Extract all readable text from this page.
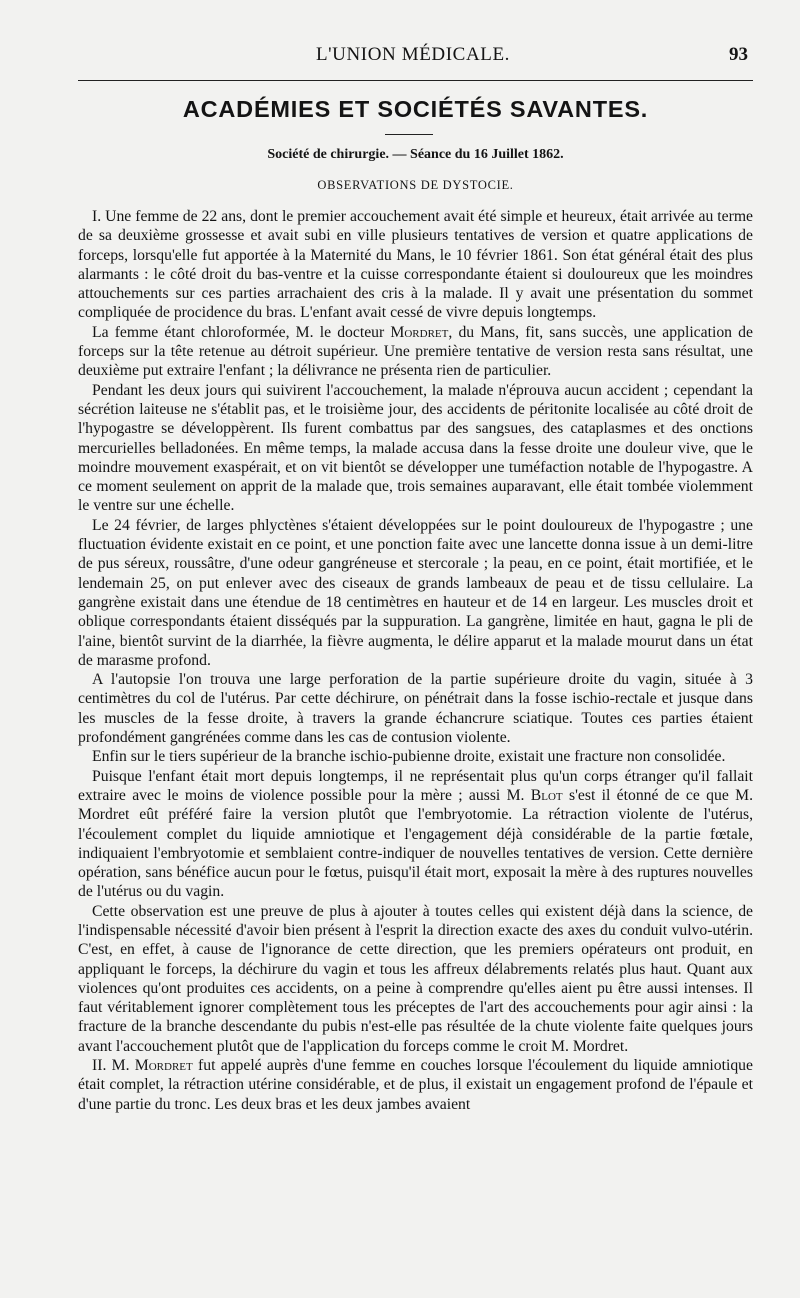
L'UNION MÉDICALE.	93
ACADÉMIES ET SOCIÉTÉS SAVANTES.
Société de chirurgie. — Séance du 16 Juillet 1862.
OBSERVATIONS DE DYSTOCIE.

I. Une femme de 22 ans, dont le premier accouchement avait été simple et heureux, était arrivée au terme de sa deuxième grossesse et avait subi en ville plusieurs tentatives de version et quatre applications de forceps, lorsqu'elle fut apportée à la Maternité du Mans, le 10 février 1861. Son état général était des plus alarmants : le côté droit du bas-ventre et la cuisse correspondante étaient si douloureux que les moindres attouchements sur ces parties arrachaient des cris à la malade. Il y avait une présentation du sommet compliquée de procidence du bras. L'enfant avait cessé de vivre depuis longtemps.

La femme étant chloroformée, M. le docteur Mordret, du Mans, fit, sans succès, une application de forceps sur la tête retenue au détroit supérieur. Une première tentative de version resta sans résultat, une deuxième put extraire l'enfant ; la délivrance ne présenta rien de particulier.

Pendant les deux jours qui suivirent l'accouchement, la malade n'éprouva aucun accident ; cependant la sécrétion laiteuse ne s'établit pas, et le troisième jour, des accidents de péritonite localisée au côté droit de l'hypogastre se développèrent. Ils furent combattus par des sangsues, des cataplasmes et des onctions mercurielles belladonées. En même temps, la malade accusa dans la fesse droite une douleur vive, que le moindre mouvement exaspérait, et on vit bientôt se développer une tuméfaction notable de l'hypogastre. A ce moment seulement on apprit de la malade que, trois semaines auparavant, elle était tombée violemment le ventre sur une échelle.

Le 24 février, de larges phlyctènes s'étaient développées sur le point douloureux de l'hypogastre ; une fluctuation évidente existait en ce point, et une ponction faite avec une lancette donna issue à un demi-litre de pus séreux, roussâtre, d'une odeur gangréneuse et stercorale ; la peau, en ce point, était mortifiée, et le lendemain 25, on put enlever avec des ciseaux de grands lambeaux de peau et de tissu cellulaire. La gangrène existait dans une étendue de 18 centimètres en hauteur et de 14 en largeur. Les muscles droit et oblique correspondants étaient disséqués par la suppuration. La gangrène, limitée en haut, gagna le pli de l'aine, bientôt survint de la diarrhée, la fièvre augmenta, le délire apparut et la malade mourut dans un état de marasme profond.

A l'autopsie l'on trouva une large perforation de la partie supérieure droite du vagin, située à 3 centimètres du col de l'utérus. Par cette déchirure, on pénétrait dans la fosse ischio-rectale et jusque dans les muscles de la fesse droite, à travers la grande échancrure sciatique. Toutes ces parties étaient profondément gangrénées comme dans les cas de contusion violente.

Enfin sur le tiers supérieur de la branche ischio-pubienne droite, existait une fracture non consolidée.

Puisque l'enfant était mort depuis longtemps, il ne représentait plus qu'un corps étranger qu'il fallait extraire avec le moins de violence possible pour la mère ; aussi M. Blot s'est il étonné de ce que M. Mordret eût préféré faire la version plutôt que l'embryotomie. La rétraction violente de l'utérus, l'écoulement complet du liquide amniotique et l'engagement déjà considérable de la partie fœtale, indiquaient l'embryotomie et semblaient contre-indiquer de nouvelles tentatives de version. Cette dernière opération, sans bénéfice aucun pour le fœtus, puisqu'il était mort, exposait la mère à des ruptures nouvelles de l'utérus ou du vagin.

Cette observation est une preuve de plus à ajouter à toutes celles qui existent déjà dans la science, de l'indispensable nécessité d'avoir bien présent à l'esprit la direction exacte des axes du conduit vulvo-utérin. C'est, en effet, à cause de l'ignorance de cette direction, que les premiers opérateurs ont produit, en appliquant le forceps, la déchirure du vagin et tous les affreux délabrements relatés plus haut. Quant aux violences qu'ont produites ces accidents, on a peine à comprendre qu'elles aient pu être aussi intenses. Il faut véritablement ignorer complètement tous les préceptes de l'art des accouchements pour agir ainsi : la fracture de la branche descendante du pubis n'est-elle pas résultée de la chute violente faite quelques jours avant l'accouchement plutôt que de l'application du forceps comme le croit M. Mordret.

II. M. Mordret fut appelé auprès d'une femme en couches lorsque l'écoulement du liquide amniotique était complet, la rétraction utérine considérable, et de plus, il existait un engagement profond de l'épaule et d'une partie du tronc. Les deux bras et les deux jambes avaient
